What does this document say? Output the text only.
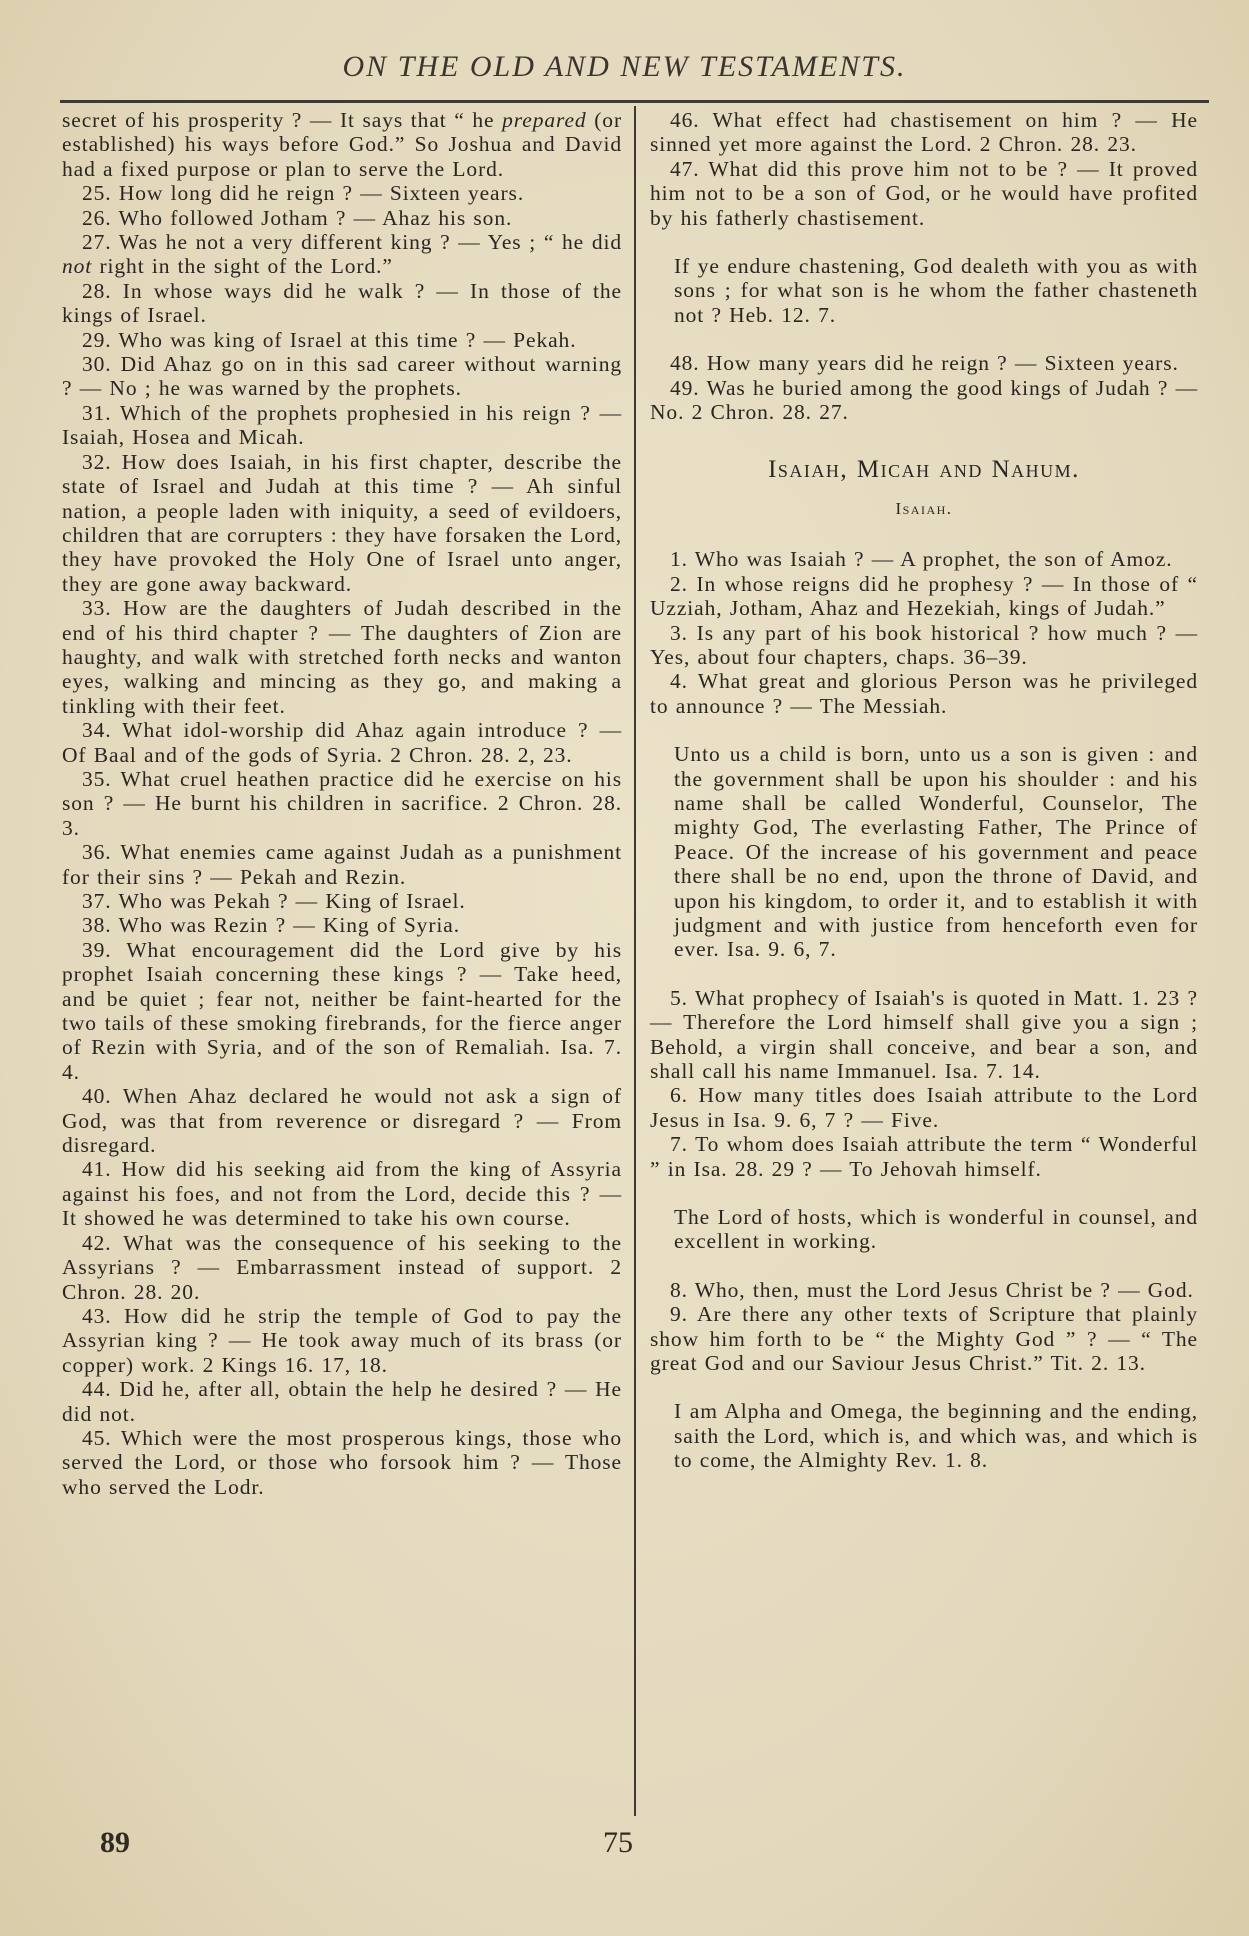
ON THE OLD AND NEW TESTAMENTS.

secret of his prosperity ? — It says that “ he prepared (or established) his ways before God.” So Joshua and David had a fixed purpose or plan to serve the Lord.

25. How long did he reign ? — Sixteen years.

26. Who followed Jotham ? — Ahaz his son.

27. Was he not a very different king ? — Yes ; “ he did not right in the sight of the Lord.”

28. In whose ways did he walk ? — In those of the kings of Israel.

29. Who was king of Israel at this time ? — Pekah.

30. Did Ahaz go on in this sad career without warning ? — No ; he was warned by the prophets.

31. Which of the prophets prophesied in his reign ? — Isaiah, Hosea and Micah.

32. How does Isaiah, in his first chapter, describe the state of Israel and Judah at this time ? — Ah sinful nation, a people laden with iniquity, a seed of evildoers, children that are corrupters : they have forsaken the Lord, they have provoked the Holy One of Israel unto anger, they are gone away backward.

33. How are the daughters of Judah described in the end of his third chapter ? — The daughters of Zion are haughty, and walk with stretched forth necks and wanton eyes, walking and mincing as they go, and making a tinkling with their feet.

34. What idol-worship did Ahaz again introduce ? — Of Baal and of the gods of Syria. 2 Chron. 28. 2, 23.

35. What cruel heathen practice did he exercise on his son ? — He burnt his children in sacrifice. 2 Chron. 28. 3.

36. What enemies came against Judah as a punishment for their sins ? — Pekah and Rezin.

37. Who was Pekah ? — King of Israel.

38. Who was Rezin ? — King of Syria.

39. What encouragement did the Lord give by his prophet Isaiah concerning these kings ? — Take heed, and be quiet ; fear not, neither be faint-hearted for the two tails of these smoking firebrands, for the fierce anger of Rezin with Syria, and of the son of Remaliah. Isa. 7. 4.

40. When Ahaz declared he would not ask a sign of God, was that from reverence or disregard ? — From disregard.

41. How did his seeking aid from the king of Assyria against his foes, and not from the Lord, decide this ? — It showed he was determined to take his own course.

42. What was the consequence of his seeking to the Assyrians ? — Embarrassment instead of support. 2 Chron. 28. 20.

43. How did he strip the temple of God to pay the Assyrian king ? — He took away much of its brass (or copper) work. 2 Kings 16. 17, 18.

44. Did he, after all, obtain the help he desired ? — He did not.

45. Which were the most prosperous kings, those who served the Lord, or those who forsook him ? — Those who served the Lodr.

46. What effect had chastisement on him ? — He sinned yet more against the Lord. 2 Chron. 28. 23.

47. What did this prove him not to be ? — It proved him not to be a son of God, or he would have profited by his fatherly chastisement.

If ye endure chastening, God dealeth with you as with sons ; for what son is he whom the father chasteneth not ? Heb. 12. 7.

48. How many years did he reign ? — Sixteen years.

49. Was he buried among the good kings of Judah ? — No. 2 Chron. 28. 27.

Isaiah, Micah and Nahum.

Isaiah.

1. Who was Isaiah ? — A prophet, the son of Amoz.

2. In whose reigns did he prophesy ? — In those of “ Uzziah, Jotham, Ahaz and Hezekiah, kings of Judah.”

3. Is any part of his book historical ? how much ? — Yes, about four chapters, chaps. 36–39.

4. What great and glorious Person was he privileged to announce ? — The Messiah.

Unto us a child is born, unto us a son is given : and the government shall be upon his shoulder : and his name shall be called Wonderful, Counselor, The mighty God, The everlasting Father, The Prince of Peace. Of the increase of his government and peace there shall be no end, upon the throne of David, and upon his kingdom, to order it, and to establish it with judgment and with justice from henceforth even for ever. Isa. 9. 6, 7.

5. What prophecy of Isaiah's is quoted in Matt. 1. 23 ? — Therefore the Lord himself shall give you a sign ; Behold, a virgin shall conceive, and bear a son, and shall call his name Immanuel. Isa. 7. 14.

6. How many titles does Isaiah attribute to the Lord Jesus in Isa. 9. 6, 7 ? — Five.

7. To whom does Isaiah attribute the term “ Wonderful ” in Isa. 28. 29 ? — To Jehovah himself.

The Lord of hosts, which is wonderful in counsel, and excellent in working.

8. Who, then, must the Lord Jesus Christ be ? — God.

9. Are there any other texts of Scripture that plainly show him forth to be “ the Mighty God ” ? — “ The great God and our Saviour Jesus Christ.” Tit. 2. 13.

I am Alpha and Omega, the beginning and the ending, saith the Lord, which is, and which was, and which is to come, the Almighty Rev. 1. 8.

89	75
